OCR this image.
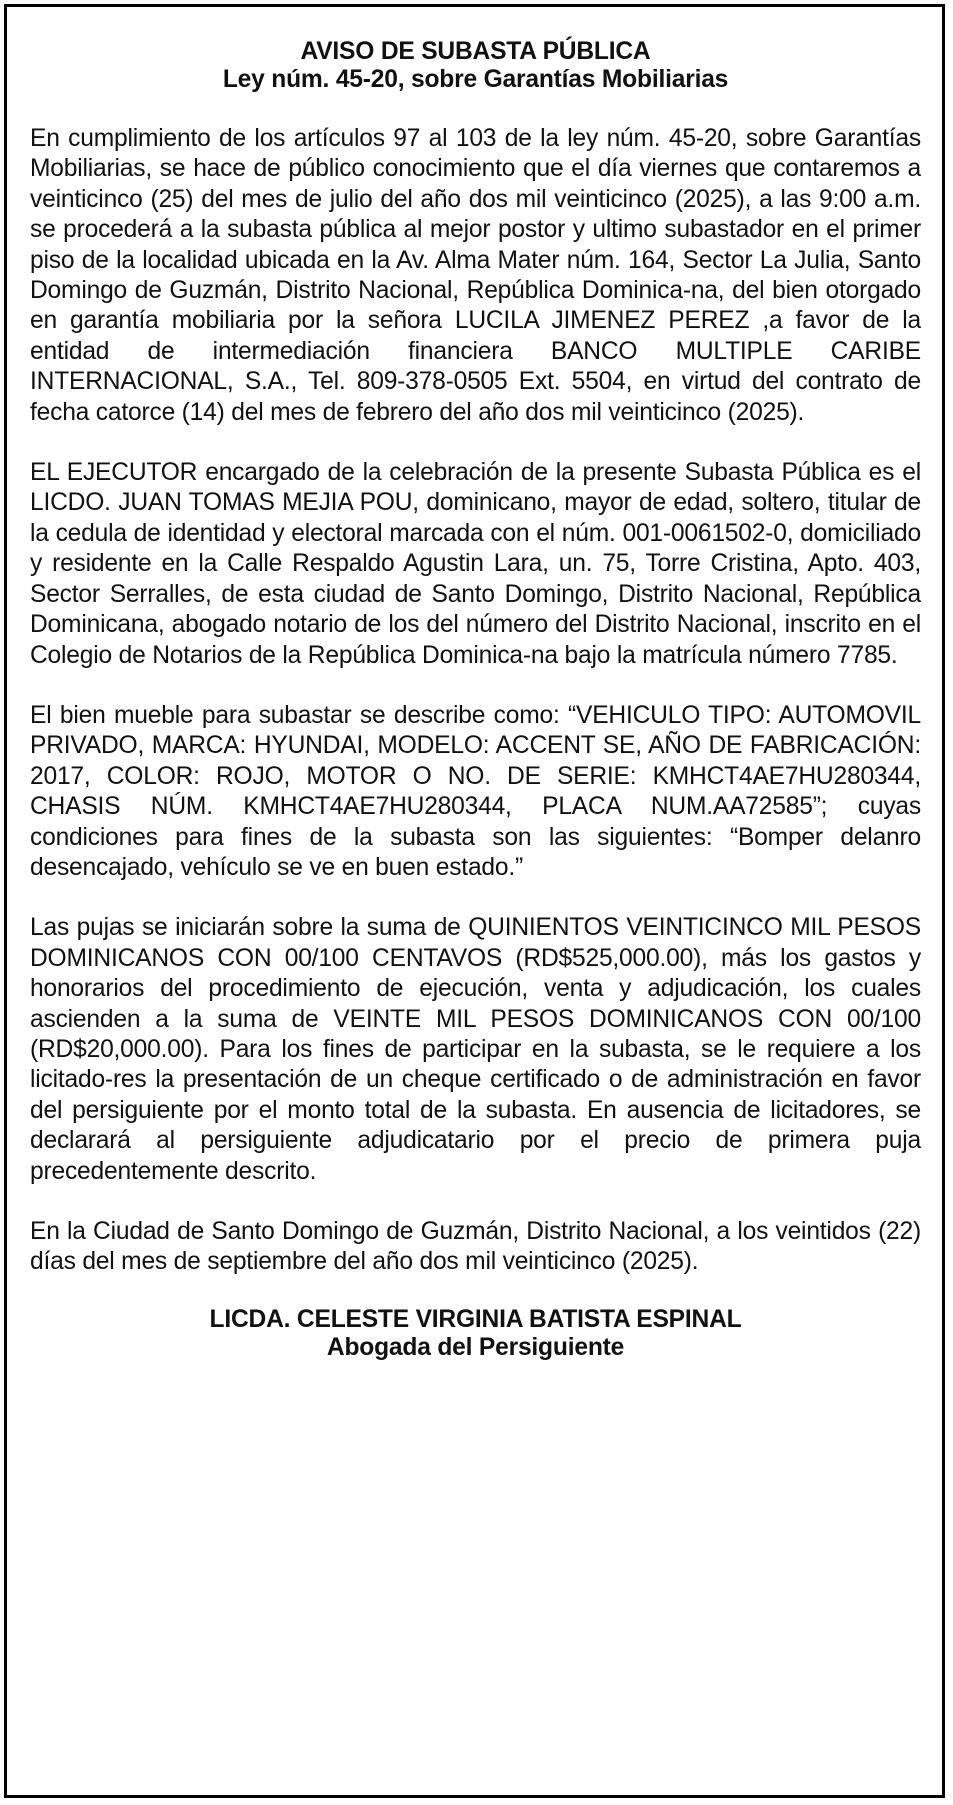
AVISO DE SUBASTA PÚBLICA

Ley núm. 45-20, sobre Garantías Mobiliarias

En cumplimiento de los artículos 97 al 103 de la ley núm. 45-20, sobre Garantías Mobiliarias, se hace de público conocimiento que el día viernes que contaremos a veinticinco (25) del mes de julio del año dos mil veinticinco (2025), a las 9:00 a.m. se procederá a la subasta pública al mejor postor y ultimo subastador en el primer piso de la localidad ubicada en la Av. Alma Mater núm. 164, Sector La Julia, Santo Domingo de Guzmán, Distrito Nacional, República Dominica-na, del bien otorgado en garantía mobiliaria por la señora LUCILA JIMENEZ PEREZ ,a favor de la entidad de intermediación financiera BANCO MULTIPLE CARIBE INTERNACIONAL, S.A., Tel. 809-378-0505 Ext. 5504, en virtud del contrato de fecha catorce (14) del mes de febrero del año dos mil veinticinco (2025).

EL EJECUTOR encargado de la celebración de la presente Subasta Pública es el LICDO. JUAN TOMAS MEJIA POU, dominicano, mayor de edad, soltero, titular de la cedula de identidad y electoral marcada con el núm. 001-0061502-0, domiciliado y residente en la Calle Respaldo Agustin Lara, un. 75, Torre Cristina, Apto. 403, Sector Serralles, de esta ciudad de Santo Domingo, Distrito Nacional, República Dominicana, abogado notario de los del número del Distrito Nacional, inscrito en el Colegio de Notarios de la República Dominica-na bajo la matrícula número 7785.

El bien mueble para subastar se describe como: “VEHICULO TIPO: AUTOMOVIL PRIVADO, MARCA: HYUNDAI, MODELO: ACCENT SE, AÑO DE FABRICACIÓN: 2017, COLOR: ROJO, MOTOR O NO. DE SERIE: KMHCT4AE7HU280344, CHASIS NÚM. KMHCT4AE7HU280344, PLACA NUM.AA72585”; cuyas condiciones para fines de la subasta son las siguientes: “Bomper delanro desencajado, vehículo se ve en buen estado.”

Las pujas se iniciarán sobre la suma de QUINIENTOS VEINTICINCO MIL PESOS DOMINICANOS CON 00/100 CENTAVOS (RD$525,000.00), más los gastos y honorarios del procedimiento de ejecución, venta y adjudicación, los cuales ascienden a la suma de VEINTE MIL PESOS DOMINICANOS CON 00/100 (RD$20,000.00). Para los fines de participar en la subasta, se le requiere a los licitado-res la presentación de un cheque certificado o de administración en favor del persiguiente por el monto total de la subasta. En ausencia de licitadores, se declarará al persiguiente adjudicatario por el precio de primera puja precedentemente descrito.

En la Ciudad de Santo Domingo de Guzmán, Distrito Nacional, a los veintidos (22) días del mes de septiembre del año dos mil veinticinco (2025).

LICDA. CELESTE VIRGINIA BATISTA ESPINAL

Abogada del Persiguiente
